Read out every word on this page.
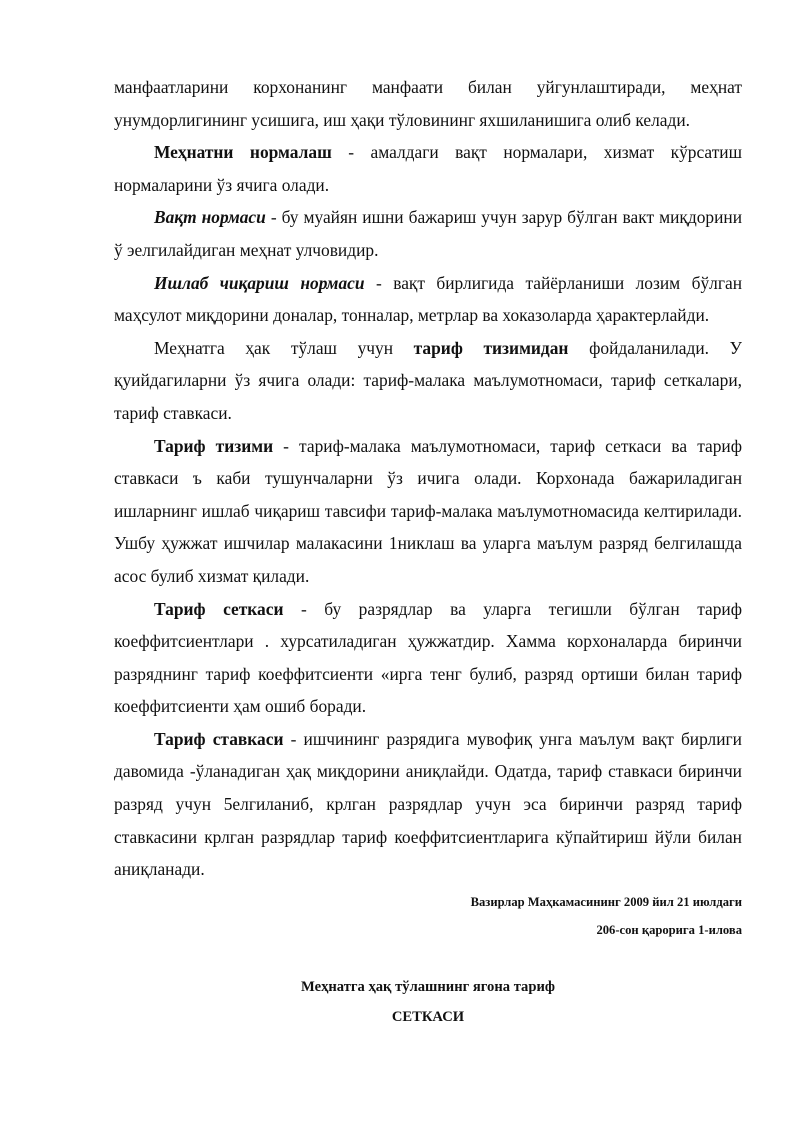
манфаатларини корхонанинг манфаати билан уйгунлаштиради, меҳнат унумдорлигининг усишига, иш ҳақи тўловининг яхшиланишига олиб келади.

Меҳнатни нормалаш - амалдаги вақт нормалари, хизмат кўрсатиш нормаларини ўз ячига олади.

Вақт нормаси - бу муайян ишни бажариш учун зарур бўлган вакт миқдорини ў эелгилайдиган меҳнат улчовидир.

Ишлаб чиқариш нормаси - вақт бирлигида тайёрланиши лозим бўлган маҳсулот миқдорини доналар, тонналар, метрлар ва хоказоларда ҳарактерлайди.

Меҳнатга ҳак тўлаш учун тариф тизимидан фойдаланилади. У қуийдагиларни ўз ячига олади: тариф-малака маълумотномаси, тариф сеткалари, тариф ставкаси.

Тариф тизими - тариф-малака маълумотномаси, тариф сеткаси ва тариф ставкаси ъ каби тушунчаларни ўз ичига олади. Корхонада бажариладиган ишларнинг ишлаб чиқариш тавсифи тариф-малака маълумотномасида келтирилади. Ушбу ҳужжат ишчилар малакасини 1никлаш ва уларга маълум разряд белгилашда асос булиб хизмат қилади.

Тариф сеткаси - бу разрядлар ва уларга тегишли бўлган тариф коеффитсиентлари . хурсатиладиган ҳужжатдир. Хамма корхоналарда биринчи разряднинг тариф коеффитсиенти «ирга тенг булиб, разряд ортиши билан тариф коеффитсиенти ҳам ошиб боради.

Тариф ставкаси - ишчининг разрядига мувофиқ унга маълум вақт бирлиги давомида -ўланадиган ҳақ миқдорини аниқлайди. Одатда, тариф ставкаси биринчи разряд учун 5елгиланиб, крлган разрядлар учун эса биринчи разряд тариф ставкасини крлган разрядлар тариф коеффитсиентларига кўпайтириш йўли билан аниқланади.

Вазирлар Маҳкамасининг 2009 йил 21 июлдаги

206-сон қарорига 1-илова

Меҳнатга ҳақ тўлашнинг ягона тариф

СЕТКАСИ
